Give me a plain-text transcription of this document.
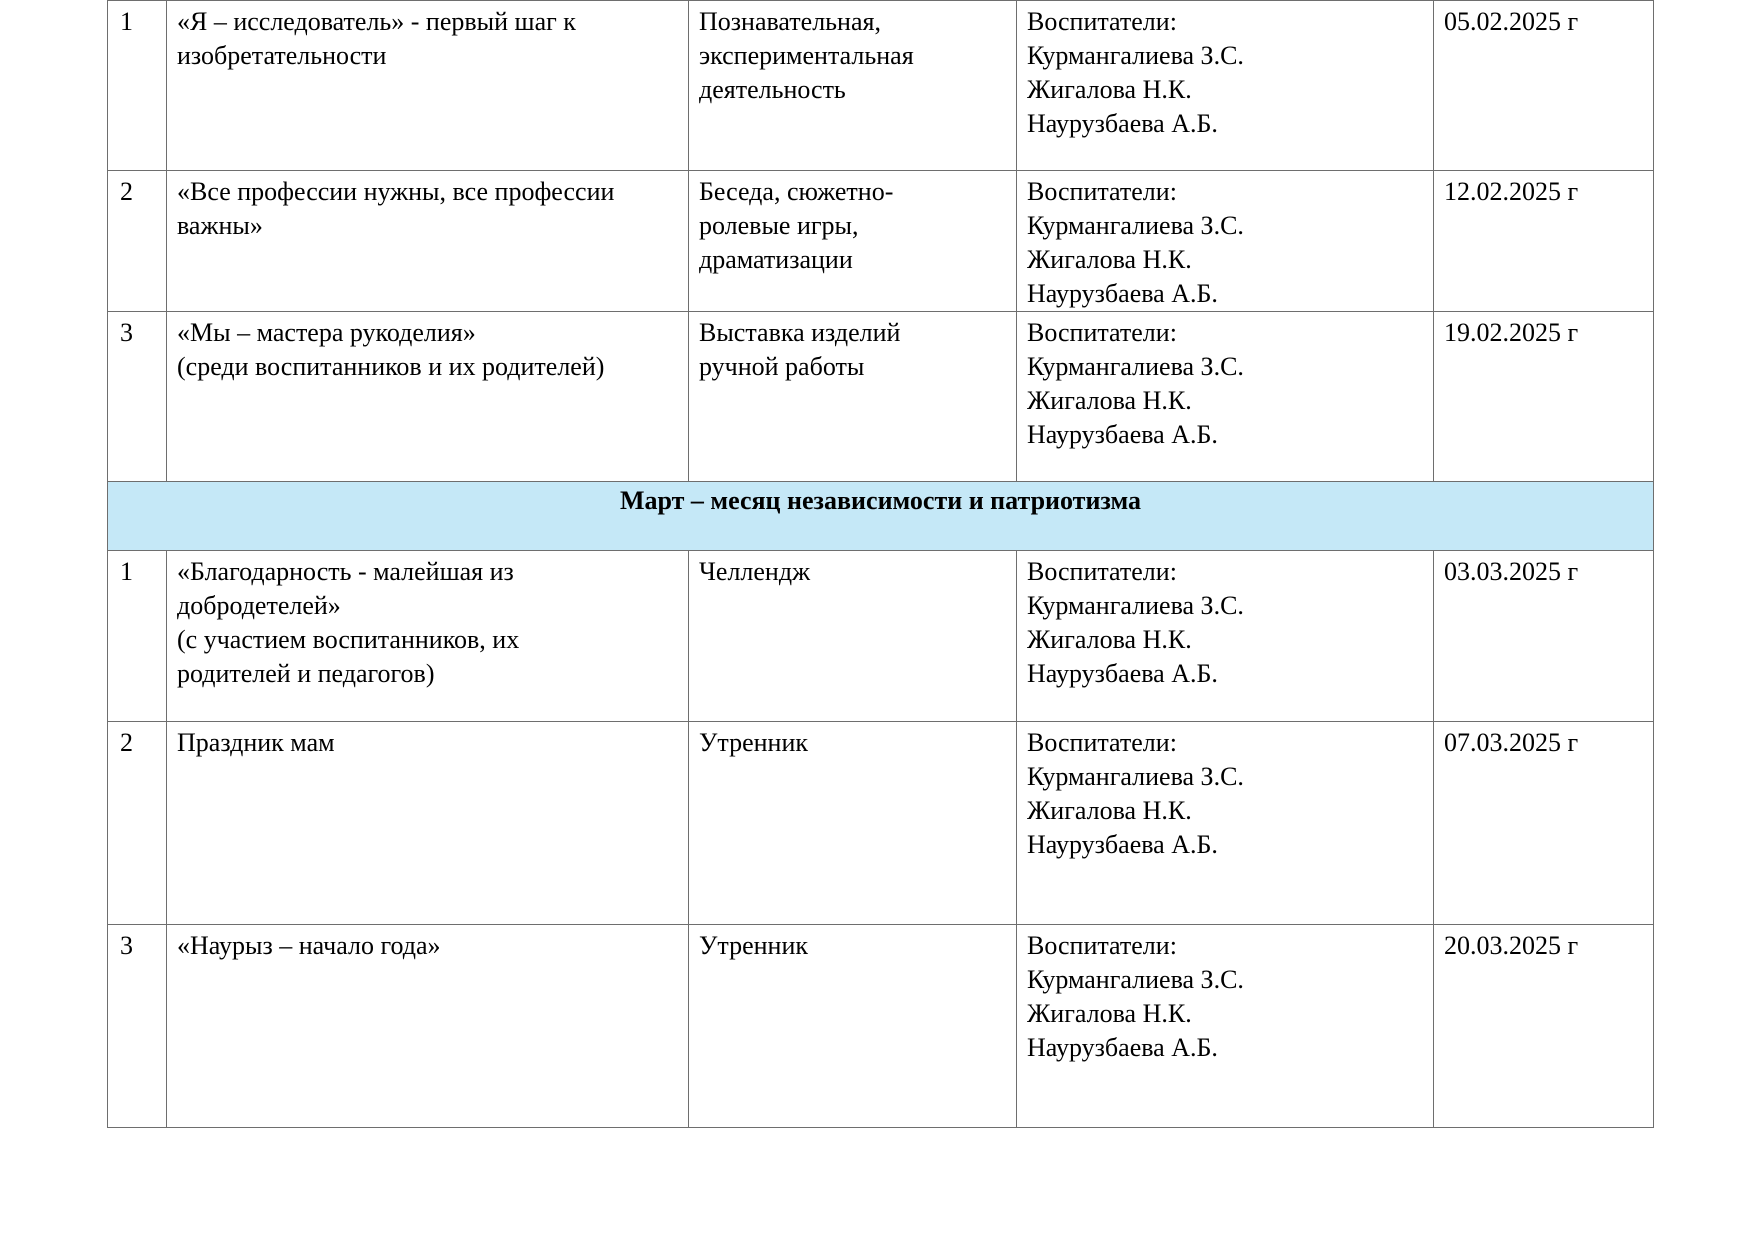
1	«Я – исследователь» - первый шаг к
изобретательности	Познавательная,
экспериментальная
деятельность	Воспитатели:
Курмангалиева З.С.
Жигалова Н.К.
Наурузбаева А.Б.	05.02.2025 г
2	«Все профессии нужны, все профессии
важны»	Беседа, сюжетно-
ролевые игры,
драматизации	Воспитатели:
Курмангалиева З.С.
Жигалова Н.К.
Наурузбаева А.Б.	12.02.2025 г
3	«Мы – мастера рукоделия»
(среди воспитанников и их родителей)	Выставка изделий
ручной работы	Воспитатели:
Курмангалиева З.С.
Жигалова Н.К.
Наурузбаева А.Б.	19.02.2025 г
Март – месяц независимости и патриотизма				
1	«Благодарность - малейшая из
добродетелей»
(с участием воспитанников, их
родителей и педагогов)	Челлендж	Воспитатели:
Курмангалиева З.С.
Жигалова Н.К.
Наурузбаева А.Б.	03.03.2025 г
2	Праздник мам	Утренник	Воспитатели:
Курмангалиева З.С.
Жигалова Н.К.
Наурузбаева А.Б.	07.03.2025 г
3	«Наурыз – начало года»	Утренник	Воспитатели:
Курмангалиева З.С.
Жигалова Н.К.
Наурузбаева А.Б.	20.03.2025 г
